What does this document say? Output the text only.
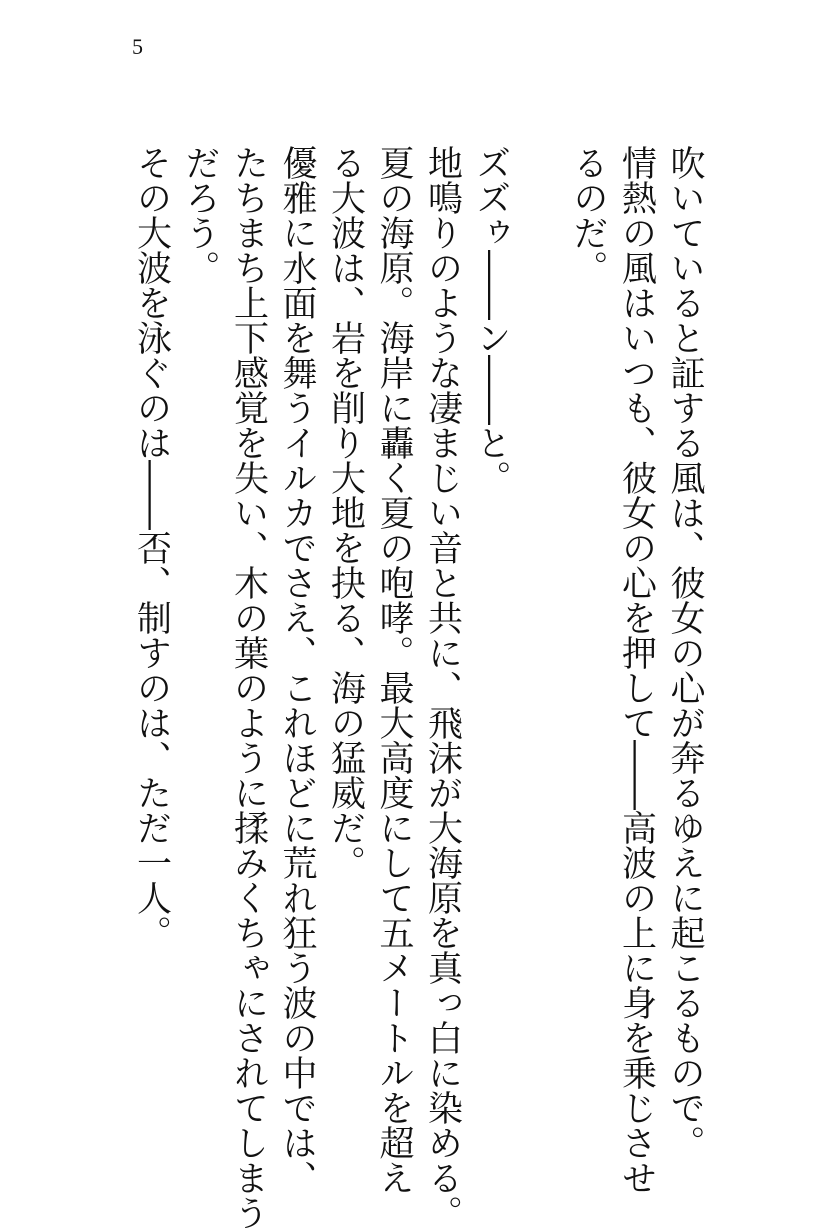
5

吹いていると証する風は、彼女の心が奔るゆえに起こるもので。

情熱の風はいつも、彼女の心を押して――高波の上に身を乗じさせ

るのだ。

ズズゥ――ン――と。

地鳴りのような凄まじい音と共に、飛沫が大海原を真っ白に染める。

夏の海原。海岸に轟く夏の咆哮。最大高度にして五メートルを超え

る大波は、岩を削り大地を抉る、海の猛威だ。

優雅に水面を舞うイルカでさえ、これほどに荒れ狂う波の中では、

たちまち上下感覚を失い、木の葉のように揉みくちゃにされてしまう

だろう。

その大波を泳ぐのは――否、制すのは、ただ一人。
